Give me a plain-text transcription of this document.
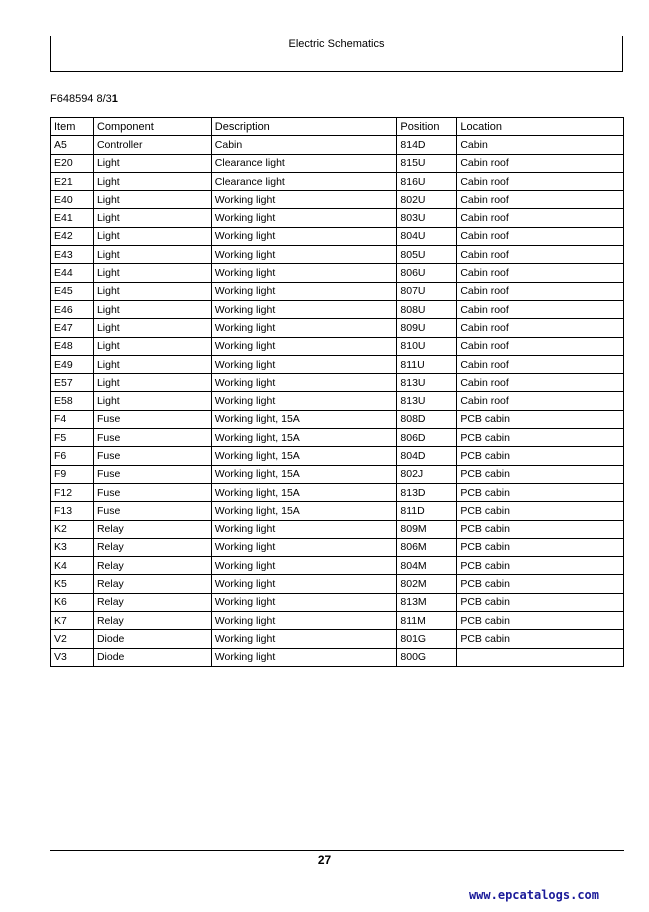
Electric Schematics
F648594 8/31
Item	Component	Description	Position	Location
A5	Controller	Cabin	814D	Cabin
E20	Light	Clearance light	815U	Cabin roof
E21	Light	Clearance light	816U	Cabin roof
E40	Light	Working light	802U	Cabin roof
E41	Light	Working light	803U	Cabin roof
E42	Light	Working light	804U	Cabin roof
E43	Light	Working light	805U	Cabin roof
E44	Light	Working light	806U	Cabin roof
E45	Light	Working light	807U	Cabin roof
E46	Light	Working light	808U	Cabin roof
E47	Light	Working light	809U	Cabin roof
E48	Light	Working light	810U	Cabin roof
E49	Light	Working light	811U	Cabin roof
E57	Light	Working light	813U	Cabin roof
E58	Light	Working light	813U	Cabin roof
F4	Fuse	Working light, 15A	808D	PCB cabin
F5	Fuse	Working light, 15A	806D	PCB cabin
F6	Fuse	Working light, 15A	804D	PCB cabin
F9	Fuse	Working light, 15A	802J	PCB cabin
F12	Fuse	Working light, 15A	813D	PCB cabin
F13	Fuse	Working light, 15A	811D	PCB cabin
K2	Relay	Working light	809M	PCB cabin
K3	Relay	Working light	806M	PCB cabin
K4	Relay	Working light	804M	PCB cabin
K5	Relay	Working light	802M	PCB cabin
K6	Relay	Working light	813M	PCB cabin
K7	Relay	Working light	811M	PCB cabin
V2	Diode	Working light	801G	PCB cabin
V3	Diode	Working light	800G	
27
www.epcatalogs.com
